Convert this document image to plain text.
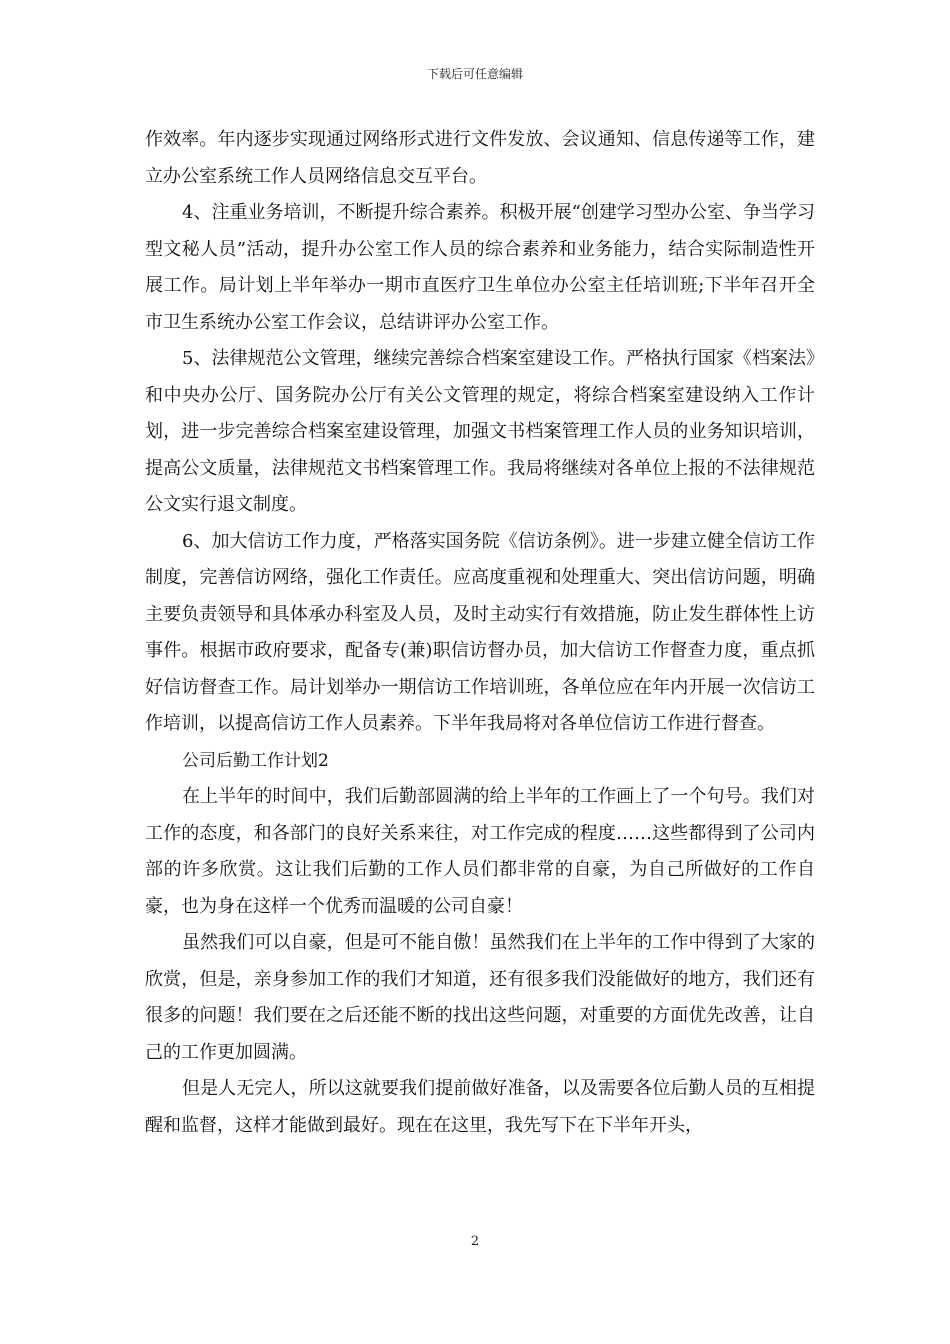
下载后可任意编辑

作效率。年内逐步实现通过网络形式进行文件发放、会议通知、信息传递等工作，建立办公室系统工作人员网络信息交互平台。

4、注重业务培训，不断提升综合素养。积极开展“创建学习型办公室、争当学习型文秘人员”活动，提升办公室工作人员的综合素养和业务能力，结合实际制造性开展工作。局计划上半年举办一期市直医疗卫生单位办公室主任培训班;下半年召开全市卫生系统办公室工作会议，总结讲评办公室工作。

5、法律规范公文管理，继续完善综合档案室建设工作。严格执行国家《档案法》和中央办公厅、国务院办公厅有关公文管理的规定，将综合档案室建设纳入工作计划，进一步完善综合档案室建设管理，加强文书档案管理工作人员的业务知识培训，提高公文质量，法律规范文书档案管理工作。我局将继续对各单位上报的不法律规范公文实行退文制度。

6、加大信访工作力度，严格落实国务院《信访条例》。进一步建立健全信访工作制度，完善信访网络，强化工作责任。应高度重视和处理重大、突出信访问题，明确主要负责领导和具体承办科室及人员，及时主动实行有效措施，防止发生群体性上访事件。根据市政府要求，配备专(兼)职信访督办员，加大信访工作督查力度，重点抓好信访督查工作。局计划举办一期信访工作培训班，各单位应在年内开展一次信访工作培训，以提高信访工作人员素养。下半年我局将对各单位信访工作进行督查。

公司后勤工作计划2

在上半年的时间中，我们后勤部圆满的给上半年的工作画上了一个句号。我们对工作的态度，和各部门的良好关系来往，对工作完成的程度……这些都得到了公司内部的许多欣赏。这让我们后勤的工作人员们都非常的自豪，为自己所做好的工作自豪，也为身在这样一个优秀而温暖的公司自豪！

虽然我们可以自豪，但是可不能自傲！虽然我们在上半年的工作中得到了大家的欣赏，但是，亲身参加工作的我们才知道，还有很多我们没能做好的地方，我们还有很多的问题！我们要在之后还能不断的找出这些问题，对重要的方面优先改善，让自己的工作更加圆满。

但是人无完人，所以这就要我们提前做好准备，以及需要各位后勤人员的互相提醒和监督，这样才能做到最好。现在在这里，我先写下在下半年开头，

2
